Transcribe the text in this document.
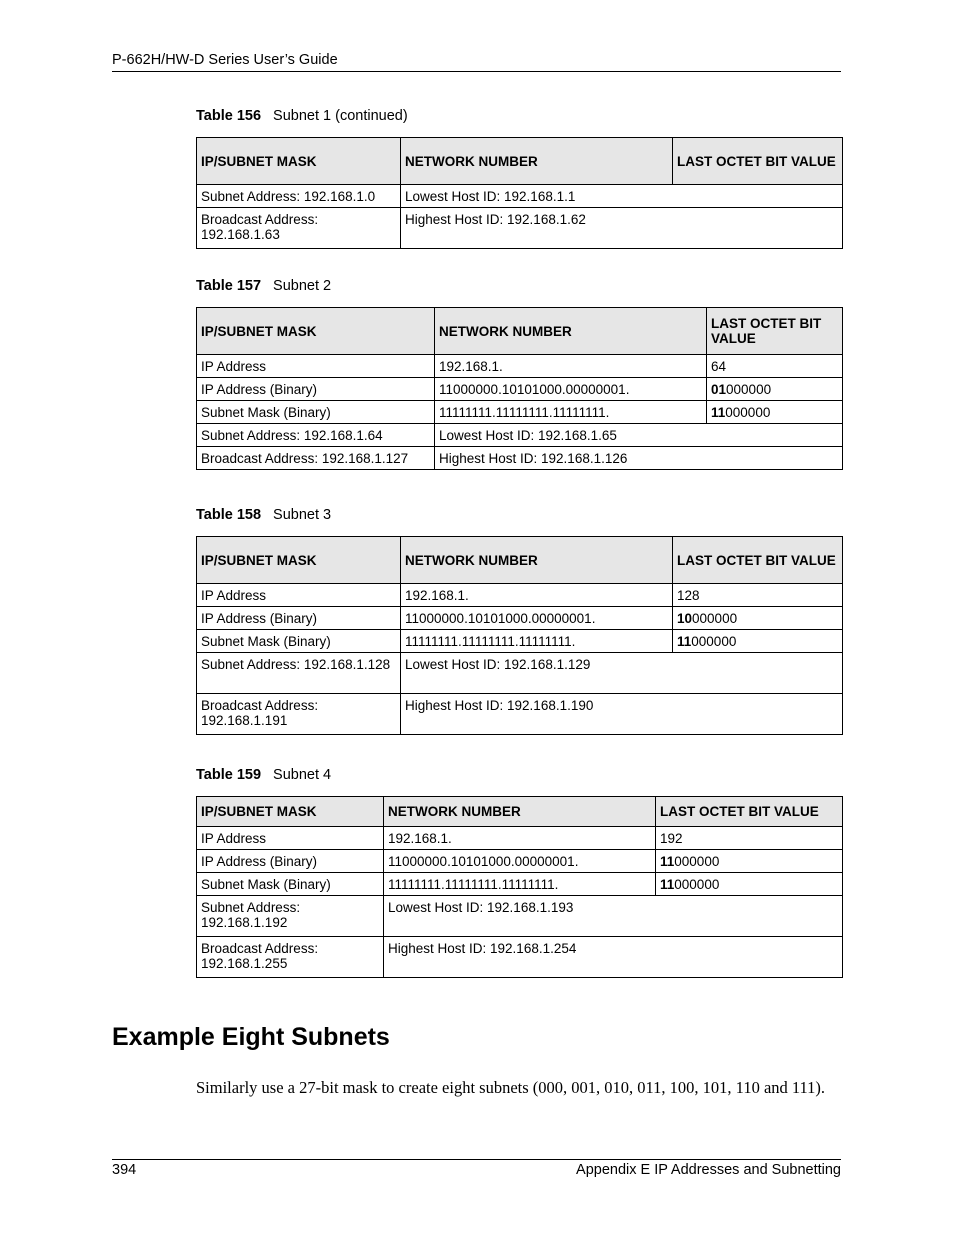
P-662H/HW-D Series User’s Guide
Table 156 Subnet 1 (continued)
IP/SUBNET MASK	NETWORK NUMBER	LAST OCTET BIT VALUE
Subnet Address: 192.168.1.0	Lowest Host ID: 192.168.1.1	
Broadcast Address: 192.168.1.63	Highest Host ID: 192.168.1.62	
Table 157 Subnet 2
IP/SUBNET MASK	NETWORK NUMBER	LAST OCTET BIT VALUE
IP Address	192.168.1.	64
IP Address (Binary)	11000000.10101000.00000001.	01000000
Subnet Mask (Binary)	11111111.11111111.11111111.	11000000
Subnet Address: 192.168.1.64	Lowest Host ID: 192.168.1.65	
Broadcast Address: 192.168.1.127	Highest Host ID: 192.168.1.126	
Table 158 Subnet 3
IP/SUBNET MASK	NETWORK NUMBER	LAST OCTET BIT VALUE
IP Address	192.168.1.	128
IP Address (Binary)	11000000.10101000.00000001.	10000000
Subnet Mask (Binary)	11111111.11111111.11111111.	11000000
Subnet Address: 192.168.1.128	Lowest Host ID: 192.168.1.129	
Broadcast Address: 192.168.1.191	Highest Host ID: 192.168.1.190	
Table 159 Subnet 4
IP/SUBNET MASK	NETWORK NUMBER	LAST OCTET BIT VALUE
IP Address	192.168.1.	192
IP Address (Binary)	11000000.10101000.00000001.	11000000
Subnet Mask (Binary)	11111111.11111111.11111111.	11000000
Subnet Address: 192.168.1.192	Lowest Host ID: 192.168.1.193	
Broadcast Address: 192.168.1.255	Highest Host ID: 192.168.1.254	
Example Eight Subnets

Similarly use a 27-bit mask to create eight subnets (000, 001, 010, 011, 100, 101, 110 and 111).

394	Appendix E IP Addresses and Subnetting
